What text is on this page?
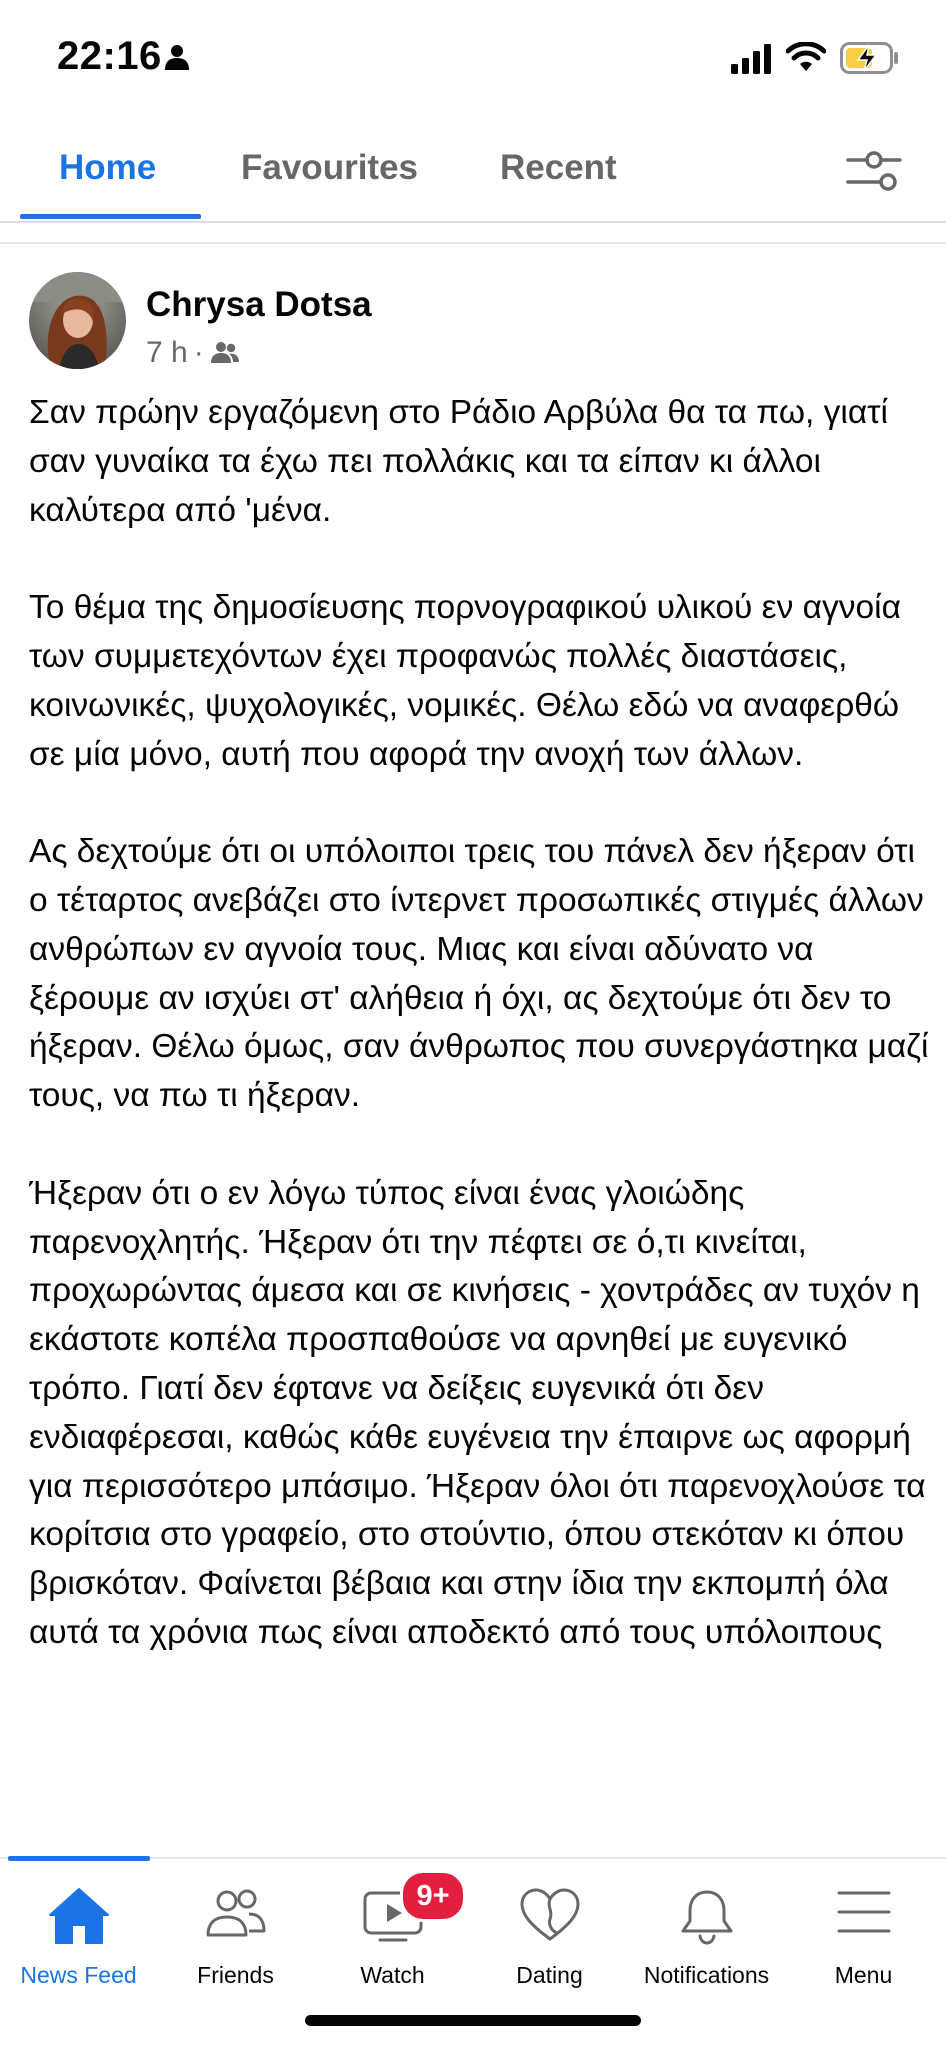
22:16
Home Favourites Recent
Chrysa Dotsa
7 h ·

Σαν πρώην εργαζόμενη στο Ράδιο Αρβύλα θα τα πω, γιατί σαν γυναίκα τα έχω πει πολλάκις και τα είπαν κι άλλοι καλύτερα από 'μένα.

Το θέμα της δημοσίευσης πορνογραφικού υλικού εν αγνοία των συμμετεχόντων έχει προφανώς πολλές διαστάσεις, κοινωνικές, ψυχολογικές, νομικές. Θέλω εδώ να αναφερθώ σε μία μόνο, αυτή που αφορά την ανοχή των άλλων.

Ας δεχτούμε ότι οι υπόλοιποι τρεις του πάνελ δεν ήξεραν ότι ο τέταρτος ανεβάζει στο ίντερνετ προσωπικές στιγμές άλλων ανθρώπων εν αγνοία τους. Μιας και είναι αδύνατο να ξέρουμε αν ισχύει στ' αλήθεια ή όχι, ας δεχτούμε ότι δεν το ήξεραν. Θέλω όμως, σαν άνθρωπος που συνεργάστηκα μαζί τους, να πω τι ήξεραν.

Ήξεραν ότι ο εν λόγω τύπος είναι ένας γλοιώδης παρενοχλητής. Ήξεραν ότι την πέφτει σε ό,τι κινείται, προχωρώντας άμεσα και σε κινήσεις - χοντράδες αν τυχόν η εκάστοτε κοπέλα προσπαθούσε να αρνηθεί με ευγενικό τρόπο. Γιατί δεν έφτανε να δείξεις ευγενικά ότι δεν ενδιαφέρεσαι, καθώς κάθε ευγένεια την έπαιρνε ως αφορμή για περισσότερο μπάσιμο. Ήξεραν όλοι ότι παρενοχλούσε τα κορίτσια στο γραφείο, στο στούντιο, όπου στεκόταν κι όπου βρισκόταν. Φαίνεται βέβαια και στην ίδια την εκπομπή όλα αυτά τα χρόνια πως είναι αποδεκτό από τους υπόλοιπους

News Feed	Friends	Watch	Dating	Notifications	Menu
9+
